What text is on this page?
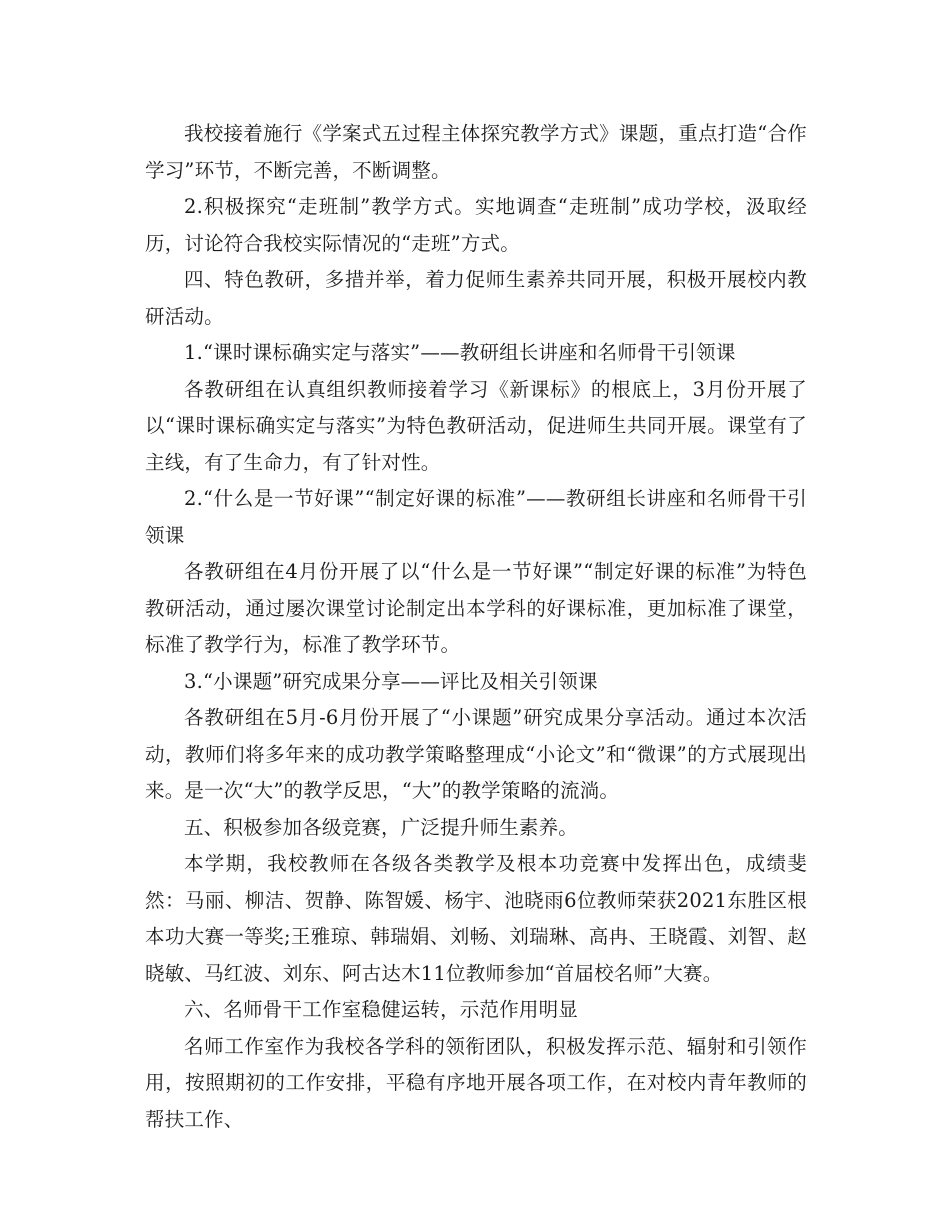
我校接着施行《学案式五过程主体探究教学方式》课题，重点打造“合作学习”环节，不断完善，不断调整。

2.积极探究“走班制”教学方式。实地调查“走班制”成功学校，汲取经历，讨论符合我校实际情况的“走班”方式。

四、特色教研，多措并举，着力促师生素养共同开展，积极开展校内教研活动。

1.“课时课标确实定与落实”——教研组长讲座和名师骨干引领课

各教研组在认真组织教师接着学习《新课标》的根底上，3月份开展了以“课时课标确实定与落实”为特色教研活动，促进师生共同开展。课堂有了主线，有了生命力，有了针对性。

2.“什么是一节好课”“制定好课的标准”——教研组长讲座和名师骨干引领课

各教研组在4月份开展了以“什么是一节好课”“制定好课的标准”为特色教研活动，通过屡次课堂讨论制定出本学科的好课标准，更加标准了课堂，标准了教学行为，标准了教学环节。

3.“小课题”研究成果分享——评比及相关引领课

各教研组在5月-6月份开展了“小课题”研究成果分享活动。通过本次活动，教师们将多年来的成功教学策略整理成“小论文”和“微课”的方式展现出来。是一次“大”的教学反思，“大”的教学策略的流淌。

五、积极参加各级竞赛，广泛提升师生素养。

本学期，我校教师在各级各类教学及根本功竞赛中发挥出色，成绩斐然：马丽、柳洁、贺静、陈智媛、杨宇、池晓雨6位教师荣获2021东胜区根本功大赛一等奖;王雅琼、韩瑞娟、刘畅、刘瑞琳、高冉、王晓霞、刘智、赵晓敏、马红波、刘东、阿古达木11位教师参加“首届校名师”大赛。

六、名师骨干工作室稳健运转，示范作用明显

名师工作室作为我校各学科的领衔团队，积极发挥示范、辐射和引领作用，按照期初的工作安排，平稳有序地开展各项工作，在对校内青年教师的帮扶工作、
